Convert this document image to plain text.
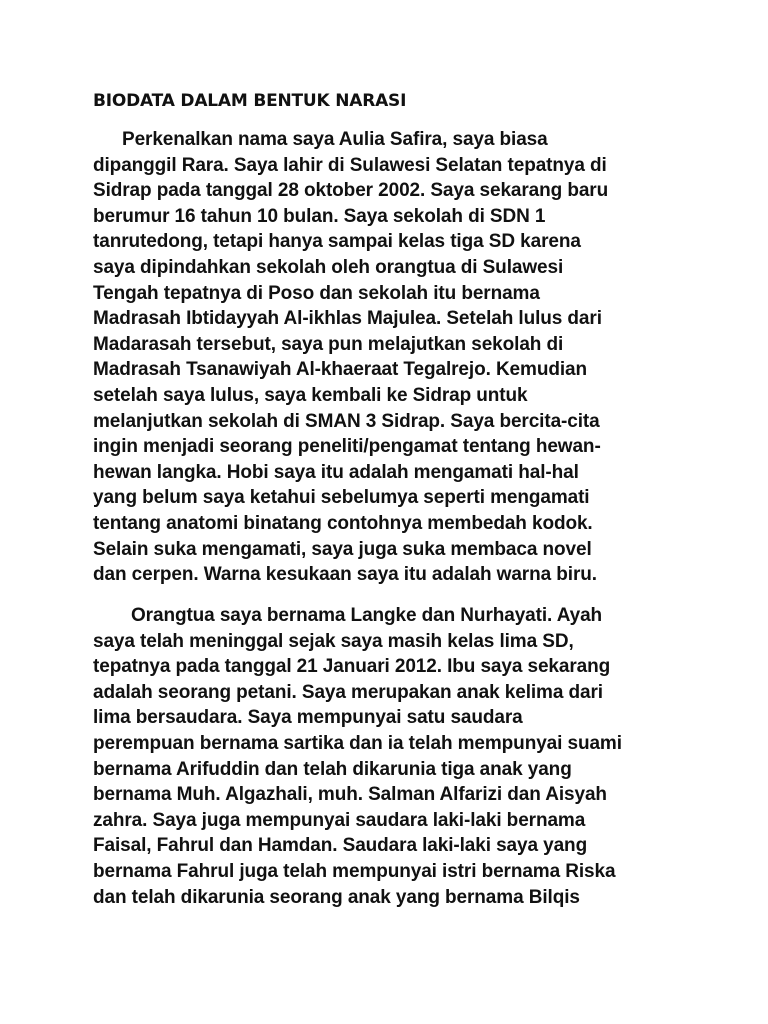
BIODATA DALAM BENTUK NARASI

Perkenalkan nama saya Aulia Safira, saya biasa
dipanggil Rara. Saya lahir di Sulawesi Selatan tepatnya di
Sidrap pada tanggal 28 oktober 2002. Saya sekarang baru
berumur 16 tahun 10 bulan. Saya sekolah di SDN 1
tanrutedong, tetapi hanya sampai kelas tiga SD karena
saya dipindahkan sekolah oleh orangtua di Sulawesi
Tengah tepatnya di Poso dan sekolah itu bernama
Madrasah Ibtidayyah Al-ikhlas Majulea. Setelah lulus dari
Madarasah tersebut, saya pun melajutkan sekolah di
Madrasah Tsanawiyah Al-khaeraat Tegalrejo. Kemudian
setelah saya lulus, saya kembali ke Sidrap untuk
melanjutkan sekolah di SMAN 3 Sidrap. Saya bercita-cita
ingin menjadi seorang peneliti/pengamat tentang hewan-
hewan langka. Hobi saya itu adalah mengamati hal-hal
yang belum saya ketahui sebelumya seperti mengamati
tentang anatomi binatang contohnya membedah kodok.
Selain suka mengamati, saya juga suka membaca novel
dan cerpen. Warna kesukaan saya itu adalah warna biru.

Orangtua saya bernama Langke dan Nurhayati. Ayah
saya telah meninggal sejak saya masih kelas lima SD,
tepatnya pada tanggal 21 Januari 2012. Ibu saya sekarang
adalah seorang petani. Saya merupakan anak kelima dari
lima bersaudara. Saya mempunyai satu saudara
perempuan bernama sartika dan ia telah mempunyai suami
bernama Arifuddin dan telah dikarunia tiga anak yang
bernama Muh. Algazhali, muh. Salman Alfarizi dan Aisyah
zahra. Saya juga mempunyai saudara laki-laki bernama
Faisal, Fahrul dan Hamdan. Saudara laki-laki saya yang
bernama Fahrul juga telah mempunyai istri bernama Riska
dan telah dikarunia seorang anak yang bernama Bilqis
